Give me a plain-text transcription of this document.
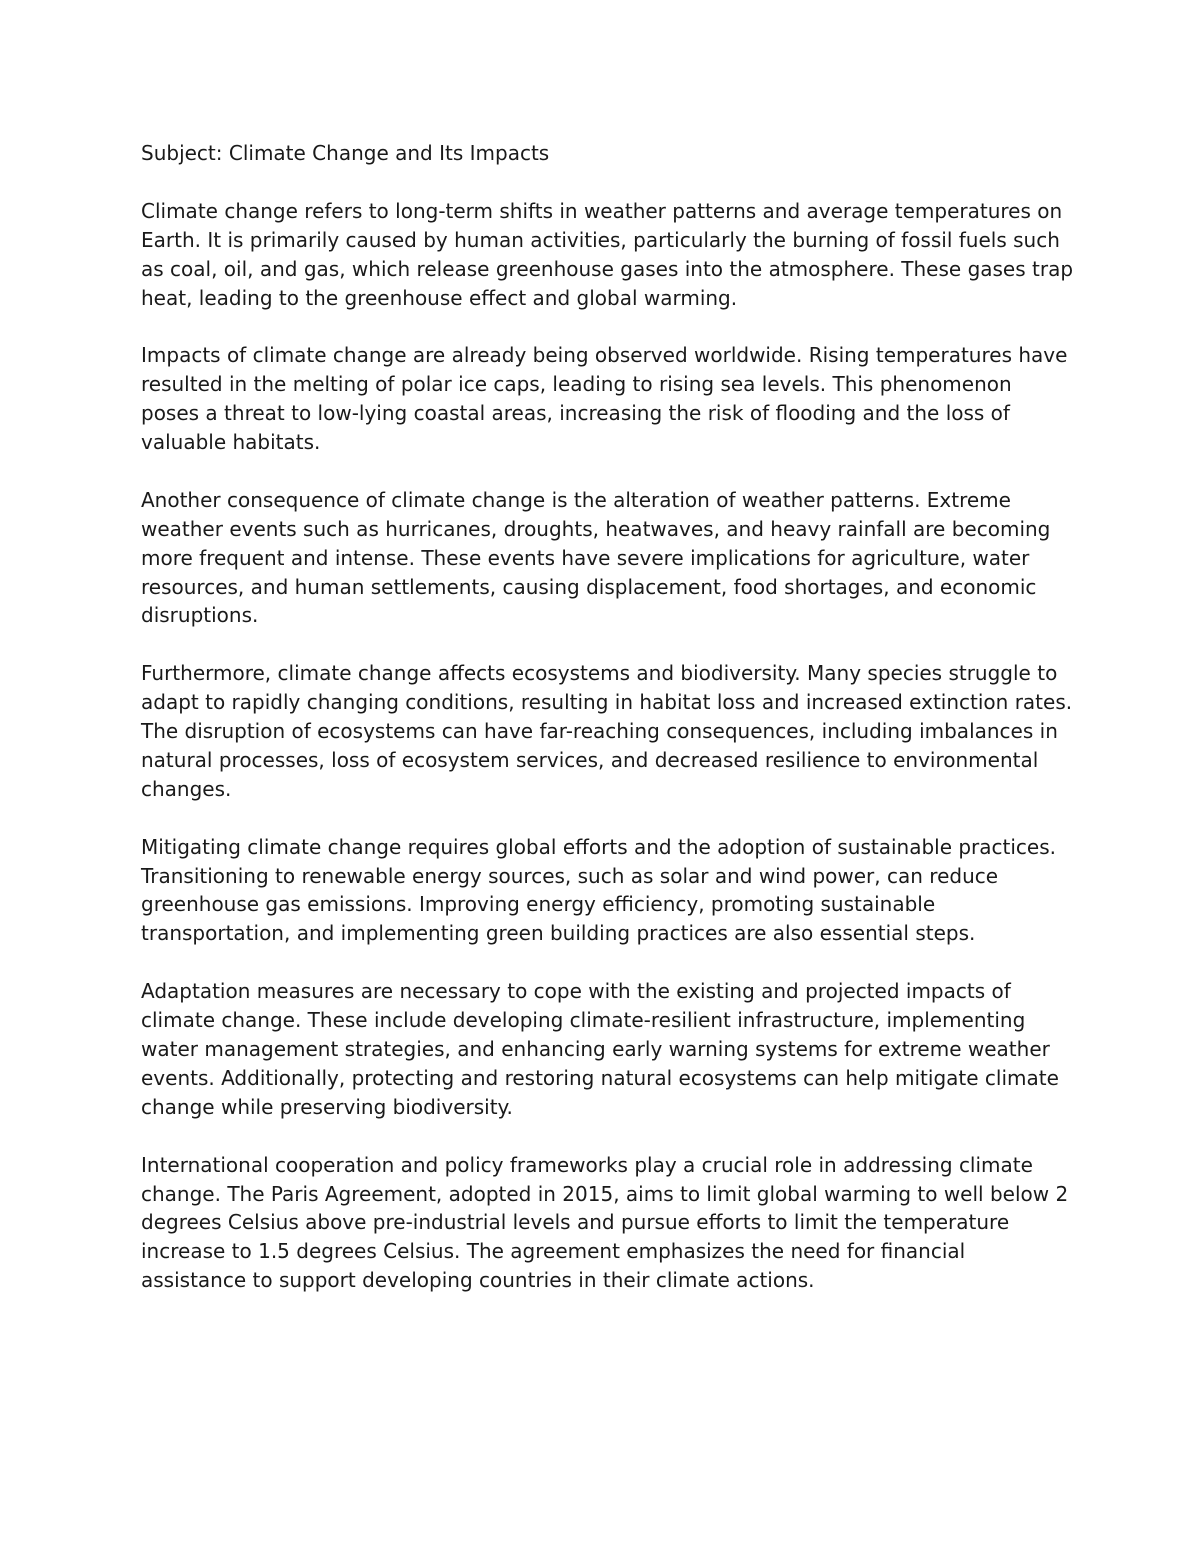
Subject: Climate Change and Its Impacts

Climate change refers to long-term shifts in weather patterns and average temperatures on Earth. It is primarily caused by human activities, particularly the burning of fossil fuels such as coal, oil, and gas, which release greenhouse gases into the atmosphere. These gases trap heat, leading to the greenhouse effect and global warming.

Impacts of climate change are already being observed worldwide. Rising temperatures have resulted in the melting of polar ice caps, leading to rising sea levels. This phenomenon poses a threat to low-lying coastal areas, increasing the risk of flooding and the loss of valuable habitats.

Another consequence of climate change is the alteration of weather patterns. Extreme weather events such as hurricanes, droughts, heatwaves, and heavy rainfall are becoming more frequent and intense. These events have severe implications for agriculture, water resources, and human settlements, causing displacement, food shortages, and economic disruptions.

Furthermore, climate change affects ecosystems and biodiversity. Many species struggle to adapt to rapidly changing conditions, resulting in habitat loss and increased extinction rates. The disruption of ecosystems can have far-reaching consequences, including imbalances in natural processes, loss of ecosystem services, and decreased resilience to environmental changes.

Mitigating climate change requires global efforts and the adoption of sustainable practices. Transitioning to renewable energy sources, such as solar and wind power, can reduce greenhouse gas emissions. Improving energy efficiency, promoting sustainable transportation, and implementing green building practices are also essential steps.

Adaptation measures are necessary to cope with the existing and projected impacts of climate change. These include developing climate-resilient infrastructure, implementing water management strategies, and enhancing early warning systems for extreme weather events. Additionally, protecting and restoring natural ecosystems can help mitigate climate change while preserving biodiversity.

International cooperation and policy frameworks play a crucial role in addressing climate change. The Paris Agreement, adopted in 2015, aims to limit global warming to well below 2 degrees Celsius above pre-industrial levels and pursue efforts to limit the temperature increase to 1.5 degrees Celsius. The agreement emphasizes the need for financial assistance to support developing countries in their climate actions.
